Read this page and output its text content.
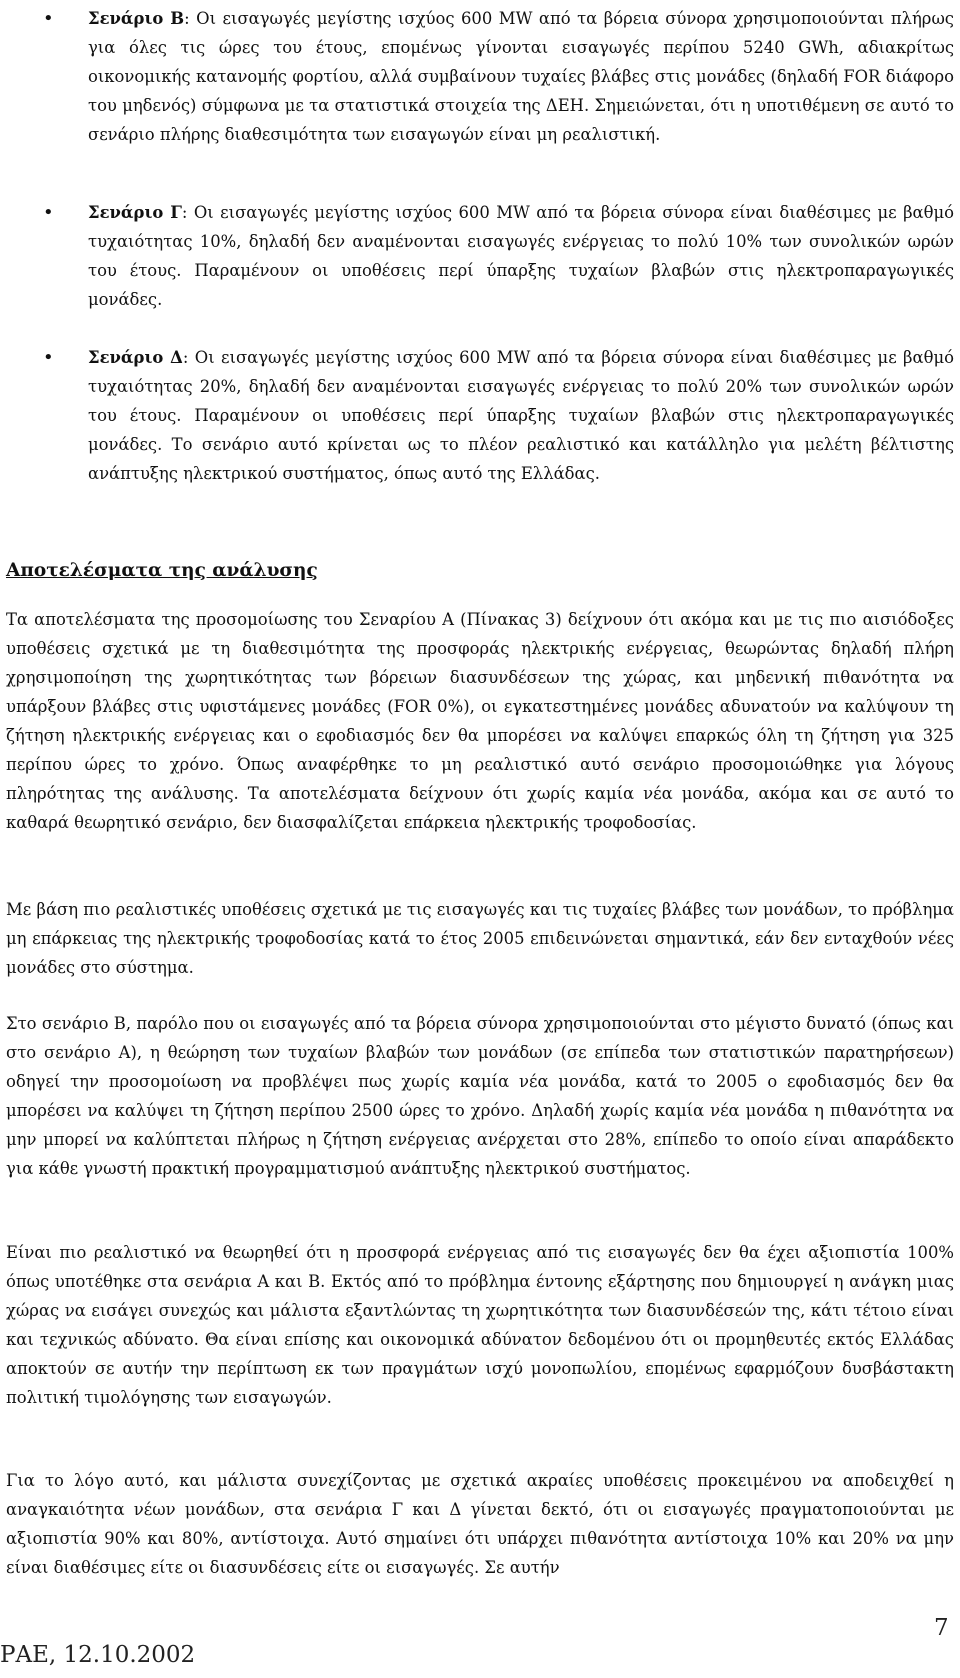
• Σενάριο Β: Οι εισαγωγές μεγίστης ισχύος 600 MW από τα βόρεια σύνορα χρησιμοποιούνται πλήρως για όλες τις ώρες του έτους, επομένως γίνονται εισαγωγές περίπου 5240 GWh, αδιακρίτως οικονομικής κατανομής φορτίου, αλλά συμβαίνουν τυχαίες βλάβες στις μονάδες (δηλαδή FOR διάφορο του μηδενός) σύμφωνα με τα στατιστικά στοιχεία της ΔΕΗ. Σημειώνεται, ότι η υποτιθέμενη σε αυτό το σενάριο πλήρης διαθεσιμότητα των εισαγωγών είναι μη ρεαλιστική.
• Σενάριο Γ: Οι εισαγωγές μεγίστης ισχύος 600 MW από τα βόρεια σύνορα είναι διαθέσιμες με βαθμό τυχαιότητας 10%, δηλαδή δεν αναμένονται εισαγωγές ενέργειας το πολύ 10% των συνολικών ωρών του έτους. Παραμένουν οι υποθέσεις περί ύπαρξης τυχαίων βλαβών στις ηλεκτροπαραγωγικές μονάδες.
• Σενάριο Δ: Οι εισαγωγές μεγίστης ισχύος 600 MW από τα βόρεια σύνορα είναι διαθέσιμες με βαθμό τυχαιότητας 20%, δηλαδή δεν αναμένονται εισαγωγές ενέργειας το πολύ 20% των συνολικών ωρών του έτους. Παραμένουν οι υποθέσεις περί ύπαρξης τυχαίων βλαβών στις ηλεκτροπαραγωγικές μονάδες. Το σενάριο αυτό κρίνεται ως το πλέον ρεαλιστικό και κατάλληλο για μελέτη βέλτιστης ανάπτυξης ηλεκτρικού συστήματος, όπως αυτό της Ελλάδας.
Αποτελέσματα της ανάλυσης
Τα αποτελέσματα της προσομοίωσης του Σεναρίου Α (Πίνακας 3) δείχνουν ότι ακόμα και με τις πιο αισιόδοξες υποθέσεις σχετικά με τη διαθεσιμότητα της προσφοράς ηλεκτρικής ενέργειας, θεωρώντας δηλαδή πλήρη χρησιμοποίηση της χωρητικότητας των βόρειων διασυνδέσεων της χώρας, και μηδενική πιθανότητα να υπάρξουν βλάβες στις υφιστάμενες μονάδες (FOR 0%), οι εγκατεστημένες μονάδες αδυνατούν να καλύψουν τη ζήτηση ηλεκτρικής ενέργειας και ο εφοδιασμός δεν θα μπορέσει να καλύψει επαρκώς όλη τη ζήτηση για 325 περίπου ώρες το χρόνο. Όπως αναφέρθηκε το μη ρεαλιστικό αυτό σενάριο προσομοιώθηκε για λόγους πληρότητας της ανάλυσης. Τα αποτελέσματα δείχνουν ότι χωρίς καμία νέα μονάδα, ακόμα και σε αυτό το καθαρά θεωρητικό σενάριο, δεν διασφαλίζεται επάρκεια ηλεκτρικής τροφοδοσίας.
Με βάση πιο ρεαλιστικές υποθέσεις σχετικά με τις εισαγωγές και τις τυχαίες βλάβες των μονάδων, το πρόβλημα μη επάρκειας της ηλεκτρικής τροφοδοσίας κατά το έτος 2005 επιδεινώνεται σημαντικά, εάν δεν ενταχθούν νέες μονάδες στο σύστημα.
Στο σενάριο Β, παρόλο που οι εισαγωγές από τα βόρεια σύνορα χρησιμοποιούνται στο μέγιστο δυνατό (όπως και στο σενάριο Α), η θεώρηση των τυχαίων βλαβών των μονάδων (σε επίπεδα των στατιστικών παρατηρήσεων) οδηγεί την προσομοίωση να προβλέψει πως χωρίς καμία νέα μονάδα, κατά το 2005 ο εφοδιασμός δεν θα μπορέσει να καλύψει τη ζήτηση περίπου 2500 ώρες το χρόνο. Δηλαδή χωρίς καμία νέα μονάδα η πιθανότητα να μην μπορεί να καλύπτεται πλήρως η ζήτηση ενέργειας ανέρχεται στο 28%, επίπεδο το οποίο είναι απαράδεκτο για κάθε γνωστή πρακτική προγραμματισμού ανάπτυξης ηλεκτρικού συστήματος.
Είναι πιο ρεαλιστικό να θεωρηθεί ότι η προσφορά ενέργειας από τις εισαγωγές δεν θα έχει αξιοπιστία 100% όπως υποτέθηκε στα σενάρια Α και Β. Εκτός από το πρόβλημα έντονης εξάρτησης που δημιουργεί η ανάγκη μιας χώρας να εισάγει συνεχώς και μάλιστα εξαντλώντας τη χωρητικότητα των διασυνδέσεών της, κάτι τέτοιο είναι και τεχνικώς αδύνατο. Θα είναι επίσης και οικονομικά αδύνατον δεδομένου ότι οι προμηθευτές εκτός Ελλάδας αποκτούν σε αυτήν την περίπτωση εκ των πραγμάτων ισχύ μονοπωλίου, επομένως εφαρμόζουν δυσβάστακτη πολιτική τιμολόγησης των εισαγωγών.
Για το λόγο αυτό, και μάλιστα συνεχίζοντας με σχετικά ακραίες υποθέσεις προκειμένου να αποδειχθεί η αναγκαιότητα νέων μονάδων, στα σενάρια Γ και Δ γίνεται δεκτό, ότι οι εισαγωγές πραγματοποιούνται με αξιοπιστία 90% και 80%, αντίστοιχα. Αυτό σημαίνει ότι υπάρχει πιθανότητα αντίστοιχα 10% και 20% να μην είναι διαθέσιμες είτε οι διασυνδέσεις είτε οι εισαγωγές. Σε αυτήν
ΡΑΕ, 12.10.2002
7
